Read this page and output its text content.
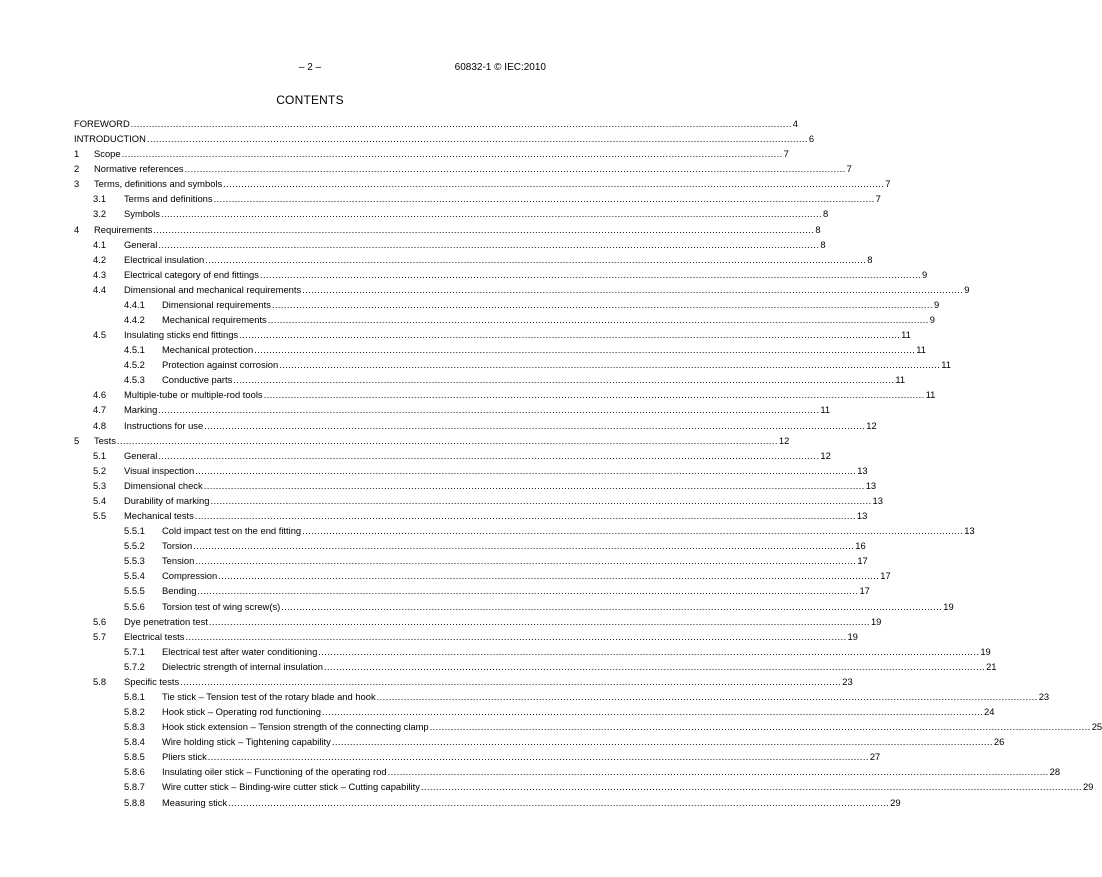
– 2 –	60832-1 © IEC:2010
CONTENTS
FOREWORD ............................................................................................................................................................................................................................ 4
INTRODUCTION ............................................................................................................................................................................................................................ 6
1 Scope ............................................................................................................................................................................................................................ 7
2 Normative references ............................................................................................................................................................................................................................ 7
3 Terms, definitions and symbols ............................................................................................................................................................................................................................ 7
3.1 Terms and definitions ............................................................................................................................................................................................................................ 7
3.2 Symbols ............................................................................................................................................................................................................................ 8
4 Requirements ............................................................................................................................................................................................................................ 8
4.1 General ............................................................................................................................................................................................................................ 8
4.2 Electrical insulation ............................................................................................................................................................................................................................ 8
4.3 Electrical category of end fittings ............................................................................................................................................................................................................................ 9
4.4 Dimensional and mechanical requirements ............................................................................................................................................................................................................................ 9
4.4.1 Dimensional requirements ............................................................................................................................................................................................................................ 9
4.4.2 Mechanical requirements ............................................................................................................................................................................................................................ 9
4.5 Insulating sticks end fittings ............................................................................................................................................................................................................................ 11
4.5.1 Mechanical protection ............................................................................................................................................................................................................................ 11
4.5.2 Protection against corrosion ............................................................................................................................................................................................................................ 11
4.5.3 Conductive parts ............................................................................................................................................................................................................................ 11
4.6 Multiple-tube or multiple-rod tools ............................................................................................................................................................................................................................ 11
4.7 Marking ............................................................................................................................................................................................................................ 11
4.8 Instructions for use ............................................................................................................................................................................................................................ 12
5 Tests ............................................................................................................................................................................................................................ 12
5.1 General ............................................................................................................................................................................................................................ 12
5.2 Visual inspection ............................................................................................................................................................................................................................ 13
5.3 Dimensional check ............................................................................................................................................................................................................................ 13
5.4 Durability of marking ............................................................................................................................................................................................................................ 13
5.5 Mechanical tests ............................................................................................................................................................................................................................ 13
5.5.1 Cold impact test on the end fitting ............................................................................................................................................................................................................................ 13
5.5.2 Torsion ............................................................................................................................................................................................................................ 16
5.5.3 Tension ............................................................................................................................................................................................................................ 17
5.5.4 Compression ............................................................................................................................................................................................................................ 17
5.5.5 Bending ............................................................................................................................................................................................................................ 17
5.5.6 Torsion test of wing screw(s) ............................................................................................................................................................................................................................ 19
5.6 Dye penetration test ............................................................................................................................................................................................................................ 19
5.7 Electrical tests ............................................................................................................................................................................................................................ 19
5.7.1 Electrical test after water conditioning ............................................................................................................................................................................................................................ 19
5.7.2 Dielectric strength of internal insulation ............................................................................................................................................................................................................................ 21
5.8 Specific tests ............................................................................................................................................................................................................................ 23
5.8.1 Tie stick – Tension test of the rotary blade and hook ............................................................................................................................................................................................................................ 23
5.8.2 Hook stick – Operating rod functioning ............................................................................................................................................................................................................................ 24
5.8.3 Hook stick extension – Tension strength of the connecting clamp ............................................................................................................................................................................................................................ 25
5.8.4 Wire holding stick – Tightening capability ............................................................................................................................................................................................................................ 26
5.8.5 Pliers stick ............................................................................................................................................................................................................................ 27
5.8.6 Insulating oiler stick – Functioning of the operating rod ............................................................................................................................................................................................................................ 28
5.8.7 Wire cutter stick – Binding-wire cutter stick – Cutting capability ............................................................................................................................................................................................................................ 29
5.8.8 Measuring stick ............................................................................................................................................................................................................................ 29
